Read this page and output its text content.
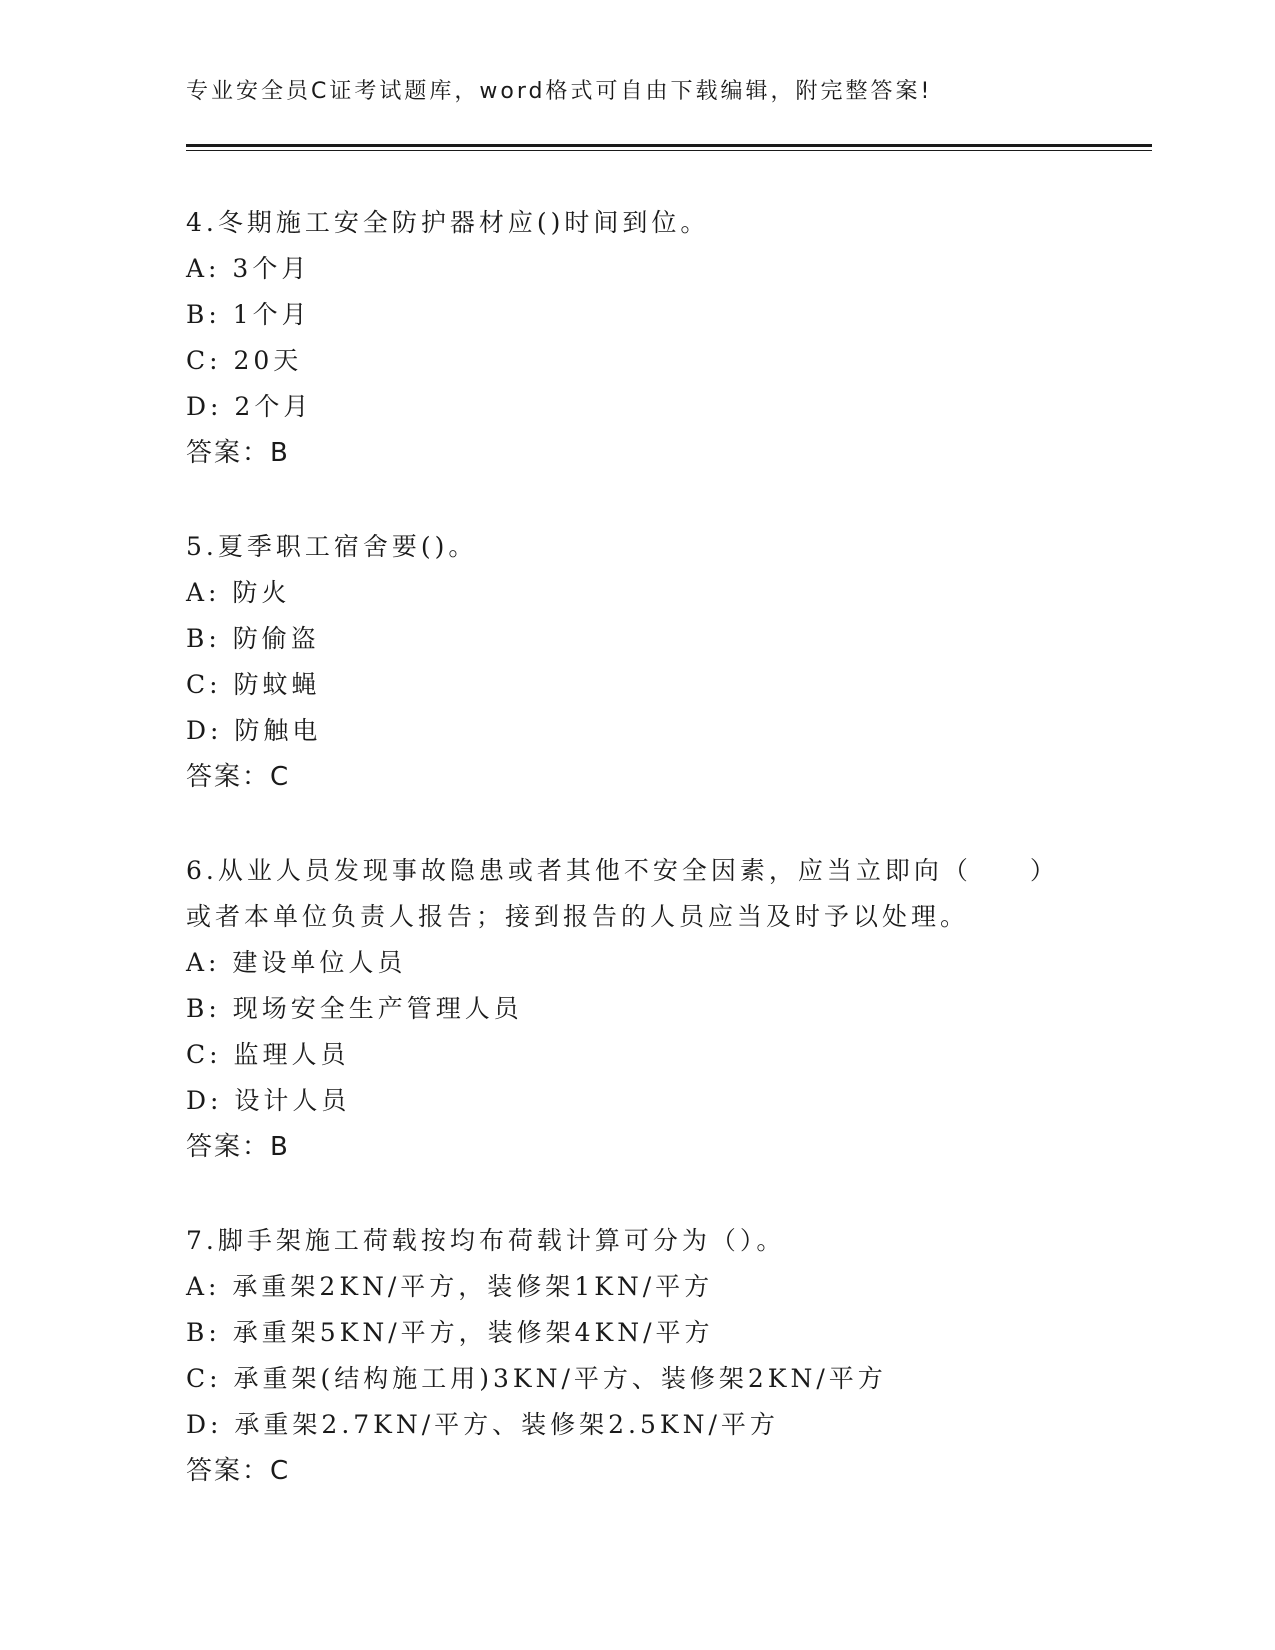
专业安全员C证考试题库，word格式可自由下载编辑，附完整答案!
4.冬期施工安全防护器材应()时间到位。
A: 3个月
B: 1个月
C: 20天
D: 2个月
答案：B
5.夏季职工宿舍要()。
A: 防火
B: 防偷盗
C: 防蚊蝇
D: 防触电
答案：C
6.从业人员发现事故隐患或者其他不安全因素，应当立即向（　　）或者本单位负责人报告；接到报告的人员应当及时予以处理。
A: 建设单位人员
B: 现场安全生产管理人员
C: 监理人员
D: 设计人员
答案：B
7.脚手架施工荷载按均布荷载计算可分为（）。
A: 承重架2KN/平方，装修架1KN/平方
B: 承重架5KN/平方，装修架4KN/平方
C: 承重架(结构施工用)3KN/平方、装修架2KN/平方
D: 承重架2.7KN/平方、装修架2.5KN/平方
答案：C
